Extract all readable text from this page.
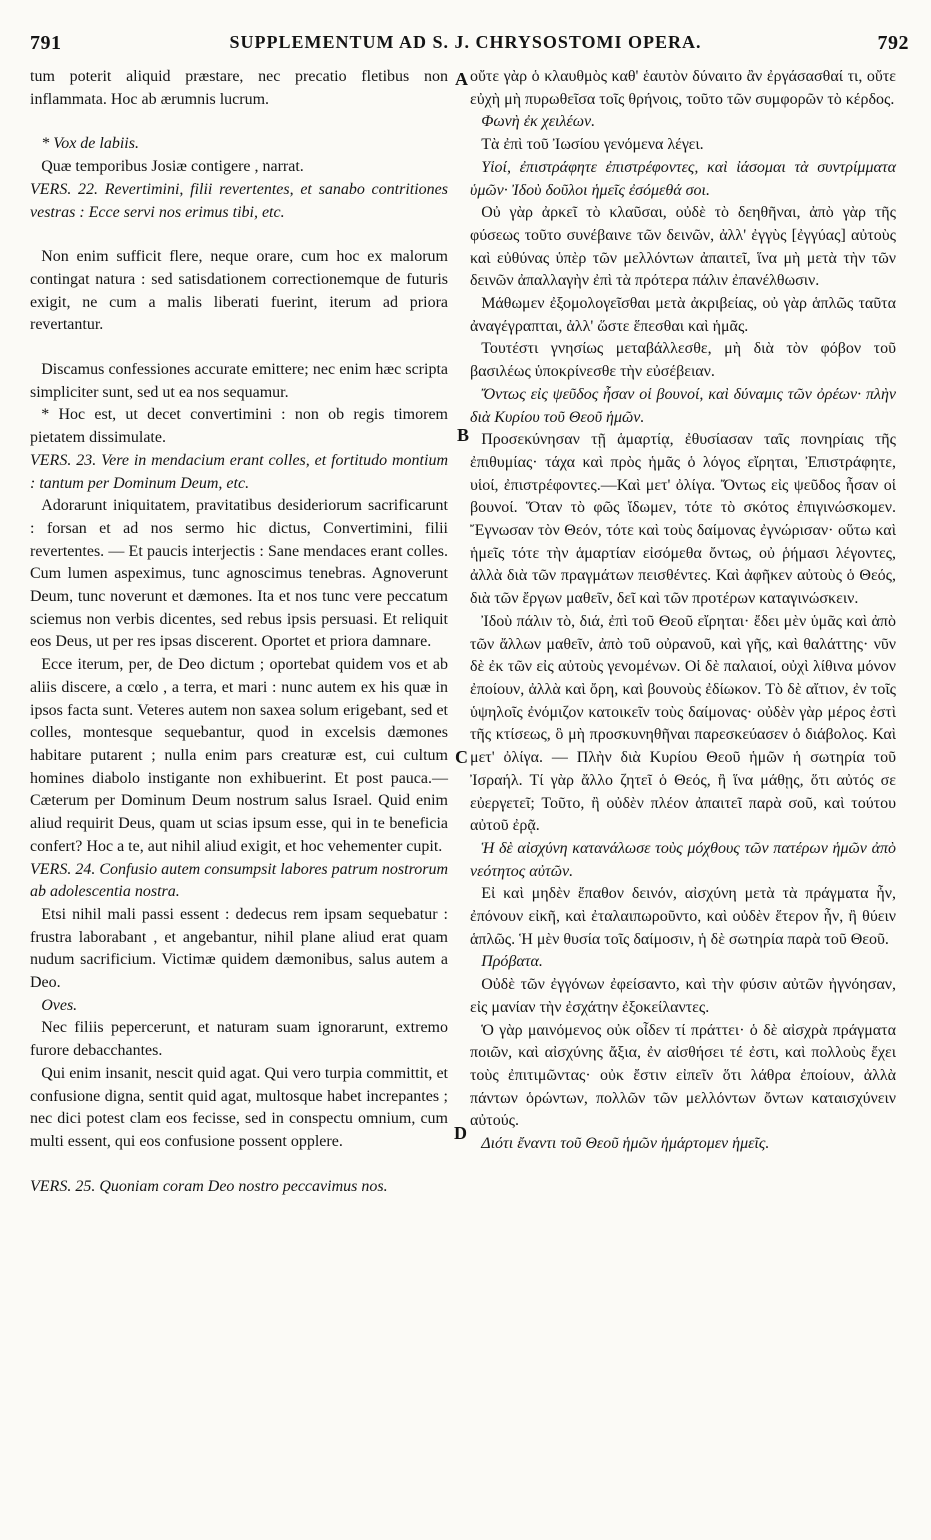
791	SUPPLEMENTUM AD S. J. CHRYSOSTOMI OPERA.	792
A
B
C
D

tum poterit aliquid præstare, nec precatio fletibus non inflammata. Hoc ab ærumnis lucrum.

* Vox de labiis.

Quæ temporibus Josiæ contigere , narrat.

VERS. 22. Revertimini, filii revertentes, et sanabo contritiones vestras : Ecce servi nos erimus tibi, etc.

Non enim sufficit flere, neque orare, cum hoc ex malorum contingat natura : sed satisdationem correctionemque de futuris exigit, ne cum a malis liberati fuerint, iterum ad priora revertantur.

Discamus confessiones accurate emittere; nec enim hæc scripta simpliciter sunt, sed ut ea nos sequamur.

* Hoc est, ut decet convertimini : non ob regis timorem pietatem dissimulate.

VERS. 23. Vere in mendacium erant colles, et fortitudo montium : tantum per Dominum Deum, etc.

Adorarunt iniquitatem, pravitatibus desideriorum sacrificarunt : forsan et ad nos sermo hic dictus, Convertimini, filii revertentes. — Et paucis interjectis : Sane mendaces erant colles. Cum lumen aspeximus, tunc agnoscimus tenebras. Agnoverunt Deum, tunc noverunt et dæmones. Ita et nos tunc vere peccatum sciemus non verbis dicentes, sed rebus ipsis persuasi. Et reliquit eos Deus, ut per res ipsas discerent. Oportet et priora damnare.

Ecce iterum, per, de Deo dictum ; oportebat quidem vos et ab aliis discere, a cœlo , a terra, et mari : nunc autem ex his quæ in ipsos facta sunt. Veteres autem non saxea solum erigebant, sed et colles, montesque sequebantur, quod in excelsis dæmones habitare putarent ; nulla enim pars creaturæ est, cui cultum homines diabolo instigante non exhibuerint. Et post pauca.— Cæterum per Dominum Deum nostrum salus Israel. Quid enim aliud requirit Deus, quam ut scias ipsum esse, qui in te beneficia confert? Hoc a te, aut nihil aliud exigit, et hoc vehementer cupit.

VERS. 24. Confusio autem consumpsit labores patrum nostrorum ab adolescentia nostra.

Etsi nihil mali passi essent : dedecus rem ipsam sequebatur : frustra laborabant , et angebantur, nihil plane aliud erat quam nudum sacrificium. Victimæ quidem dæmonibus, salus autem a Deo.

Oves.

Nec filiis pepercerunt, et naturam suam ignorarunt, extremo furore debacchantes.

Qui enim insanit, nescit quid agat. Qui vero turpia committit, et confusione digna, sentit quid agat, multosque habet increpantes ; nec dici potest clam eos fecisse, sed in conspectu omnium, cum multi essent, qui eos confusione possent opplere.

VERS. 25. Quoniam coram Deo nostro peccavimus nos.

οὔτε γὰρ ὁ κλαυθμὸς καθ' ἑαυτὸν δύναιτο ἂν ἐργάσασθαί τι, οὔτε εὐχὴ μὴ πυρωθεῖσα τοῖς θρήνοις, τοῦτο τῶν συμφορῶν τὸ κέρδος.

Φωνὴ ἐκ χειλέων.

Τὰ ἐπὶ τοῦ Ἰωσίου γενόμενα λέγει.

Υἱοί, ἐπιστράφητε ἐπιστρέφοντες, καὶ ἰάσομαι τὰ συντρίμματα ὑμῶν· Ἰδοὺ δοῦλοι ἡμεῖς ἐσόμεθά σοι.

Οὐ γὰρ ἀρκεῖ τὸ κλαῦσαι, οὐδὲ τὸ δεηθῆναι, ἀπὸ γὰρ τῆς φύσεως τοῦτο συνέβαινε τῶν δεινῶν, ἀλλ' ἐγγὺς [ἐγγύας] αὐτοὺς καὶ εὐθύνας ὑπὲρ τῶν μελλόντων ἀπαιτεῖ, ἵνα μὴ μετὰ τὴν τῶν δεινῶν ἀπαλλαγὴν ἐπὶ τὰ πρότερα πάλιν ἐπανέλθωσιν.

Μάθωμεν ἐξομολογεῖσθαι μετὰ ἀκριβείας, οὐ γὰρ ἁπλῶς ταῦτα ἀναγέγραπται, ἀλλ' ὥστε ἕπεσθαι καὶ ἡμᾶς.

Τουτέστι γνησίως μεταβάλλεσθε, μὴ διὰ τὸν φόβον τοῦ βασιλέως ὑποκρίνεσθε τὴν εὐσέβειαν.

Ὄντως εἰς ψεῦδος ἦσαν οἱ βουνοί, καὶ δύναμις τῶν ὀρέων· πλὴν διὰ Κυρίου τοῦ Θεοῦ ἡμῶν.

Προσεκύνησαν τῇ ἁμαρτίᾳ, ἐθυσίασαν ταῖς πονηρίαις τῆς ἐπιθυμίας· τάχα καὶ πρὸς ἡμᾶς ὁ λόγος εἴρηται, Ἐπιστράφητε, υἱοί, ἐπιστρέφοντες.—Καὶ μετ' ὀλίγα. Ὄντως εἰς ψεῦδος ἦσαν οἱ βουνοί. Ὅταν τὸ φῶς ἴδωμεν, τότε τὸ σκότος ἐπιγινώσκομεν. Ἔγνωσαν τὸν Θεόν, τότε καὶ τοὺς δαίμονας ἐγνώρισαν· οὕτω καὶ ἡμεῖς τότε τὴν ἁμαρτίαν εἰσόμεθα ὄντως, οὐ ῥήμασι λέγοντες, ἀλλὰ διὰ τῶν πραγμάτων πεισθέντες. Καὶ ἀφῆκεν αὐτοὺς ὁ Θεός, διὰ τῶν ἔργων μαθεῖν, δεῖ καὶ τῶν προτέρων καταγινώσκειν.

Ἰδοὺ πάλιν τὸ, διά, ἐπὶ τοῦ Θεοῦ εἴρηται· ἔδει μὲν ὑμᾶς καὶ ἀπὸ τῶν ἄλλων μαθεῖν, ἀπὸ τοῦ οὐρανοῦ, καὶ γῆς, καὶ θαλάττης· νῦν δὲ ἐκ τῶν εἰς αὐτοὺς γενομένων. Οἱ δὲ παλαιοί, οὐχὶ λίθινα μόνον ἐποίουν, ἀλλὰ καὶ ὄρη, καὶ βουνοὺς ἐδίωκον. Τὸ δὲ αἴτιον, ἐν τοῖς ὑψηλοῖς ἐνόμιζον κατοικεῖν τοὺς δαίμονας· οὐδὲν γὰρ μέρος ἐστὶ τῆς κτίσεως, ὃ μὴ προσκυνηθῆναι παρεσκεύασεν ὁ διάβολος. Καὶ μετ' ὀλίγα. — Πλὴν διὰ Κυρίου Θεοῦ ἡμῶν ἡ σωτηρία τοῦ Ἰσραήλ. Τί γὰρ ἄλλο ζητεῖ ὁ Θεός, ἢ ἵνα μάθῃς, ὅτι αὐτός σε εὐεργετεῖ; Τοῦτο, ἢ οὐδὲν πλέον ἀπαιτεῖ παρὰ σοῦ, καὶ τούτου αὐτοῦ ἐρᾷ.

Ἡ δὲ αἰσχύνη κατανάλωσε τοὺς μόχθους τῶν πατέρων ἡμῶν ἀπὸ νεότητος αὐτῶν.

Εἰ καὶ μηδὲν ἔπαθον δεινόν, αἰσχύνη μετὰ τὰ πράγματα ἦν, ἐπόνουν εἰκῆ, καὶ ἐταλαιπωροῦντο, καὶ οὐδὲν ἕτερον ἦν, ἢ θύειν ἁπλῶς. Ἡ μὲν θυσία τοῖς δαίμοσιν, ἡ δὲ σωτηρία παρὰ τοῦ Θεοῦ.

Πρόβατα.

Οὐδὲ τῶν ἐγγόνων ἐφείσαντο, καὶ τὴν φύσιν αὐτῶν ἠγνόησαν, εἰς μανίαν τὴν ἐσχάτην ἐξοκείλαντες.

Ὁ γὰρ μαινόμενος οὐκ οἶδεν τί πράττει· ὁ δὲ αἰσχρὰ πράγματα ποιῶν, καὶ αἰσχύνης ἄξια, ἐν αἰσθήσει τέ ἐστι, καὶ πολλοὺς ἔχει τοὺς ἐπιτιμῶντας· οὐκ ἔστιν εἰπεῖν ὅτι λάθρα ἐποίουν, ἀλλὰ πάντων ὁρώντων, πολλῶν τῶν μελλόντων ὄντων καταισχύνειν αὐτούς.

Διότι ἔναντι τοῦ Θεοῦ ἡμῶν ἡμάρτομεν ἡμεῖς.
